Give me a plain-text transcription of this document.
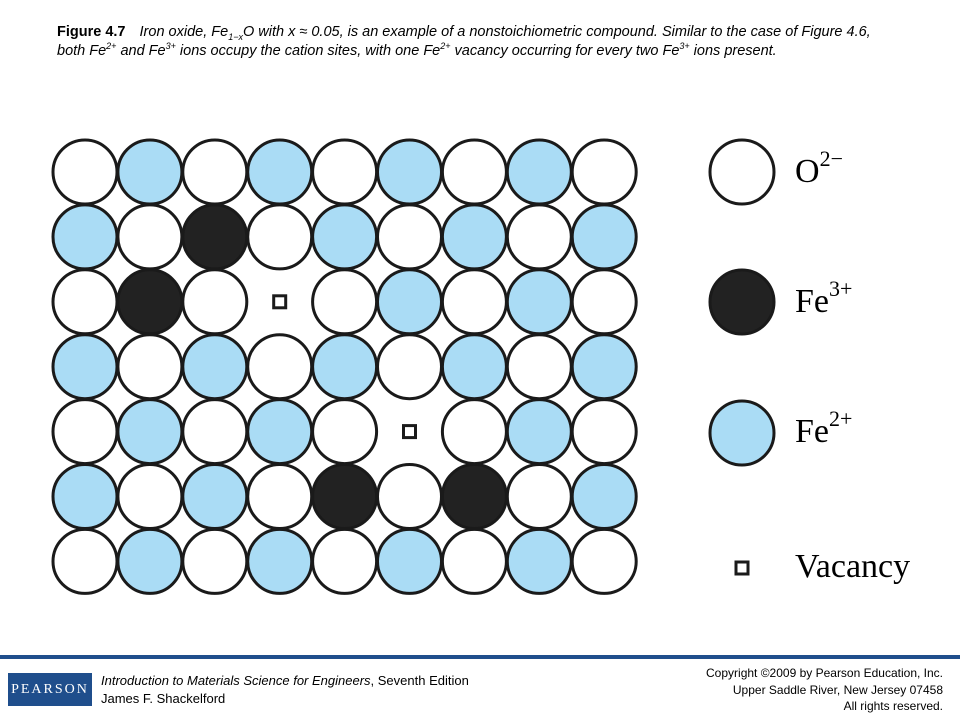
Figure 4.7 Iron oxide, $Fe_{1-x}O$ with x ≈ 0.05, is an example of a nonstoichiometric compound. Similar to the case of Figure 4.6, both $Fe^{2+}$ and $Fe^{3+}$ ions occupy the cation sites, with one $Fe^{2+}$ vacancy occurring for every two $Fe^{3+}$ ions present.
$O^{2-}$
$Fe^{3+}$
$Fe^{2+}$
Vacancy
PEARSON
Introduction to Materials Science for Engineers, Seventh Edition
James F. Shackelford
Copyright ©2009 by Pearson Education, Inc.
Upper Saddle River, New Jersey 07458
All rights reserved.
